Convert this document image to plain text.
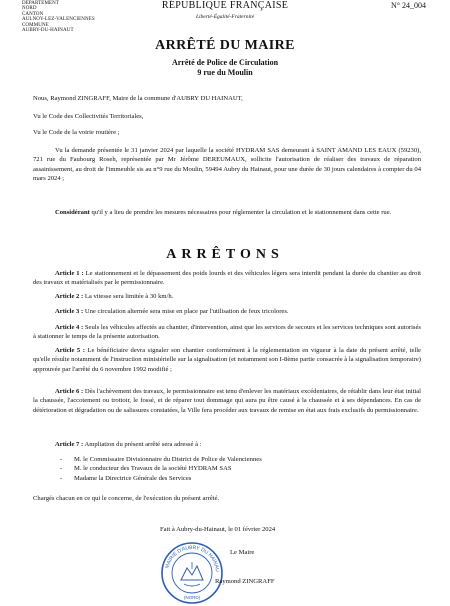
DÉPARTEMENT
NORD
CANTON
AULNOY-LEZ-VALENCIENNES
COMMUNE
AUBRY-DU-HAINAUT
RÉPUBLIQUE FRANÇAISE
Liberté-Égalité-Fraternité
N° 24_004
ARRÊTÉ DU MAIRE
Arrêté de Police de Circulation
9 rue du Moulin
Nous, Raymond ZINGRAFF, Maire de la commune d'AUBRY DU HAINAUT,
Vu le Code des Collectivités Territoriales,
Vu le Code de la voirie routière ;
Vu la demande présentée le 31 janvier 2024 par laquelle la société HYDRAM SAS demeurant à SAINT AMAND LES EAUX (59230), 721 rue du Faubourg Roseh, représentée par Mr Jérôme DEREUMAUX, sollicite l'autorisation de réaliser des travaux de réparation assainissement, au droit de l'immeuble sis au n°9 rue du Moulin, 59494 Aubry du Hainaut, pour une durée de 30 jours calendaires à compter du 04 mars 2024 ;
Considérant qu'il y a lieu de prendre les mesures nécessaires pour réglementer la circulation et le stationnement dans cette rue.
ARRÊTONS
Article 1 : Le stationnement et le dépassement des poids lourds et des véhicules légers sera interdit pendant la durée du chantier au droit des travaux et matérialisés par le permissionnaire.
Article 2 : La vitesse sera limitée à 30 km/h.
Article 3 : Une circulation alternée sera mise en place par l'utilisation de feux tricolores.
Article 4 : Seuls les véhicules affectés au chantier, d'intervention, ainsi que les services de secours et les services techniques sont autorisés à stationner le temps de la présente autorisation.
Article 5 : Le bénéficiaire devra signaler son chantier conformément à la réglementation en vigueur à la date du présent arrêté, telle qu'elle résulte notamment de l'instruction ministérielle sur la signalisation (et notamment son I-8ème partie consacrée à la signalisation temporaire) approuvée par l'arrêté du 6 novembre 1992 modifié ;
Article 6 : Dès l'achèvement des travaux, le permissionnaire est tenu d'enlever les matériaux excédentaires, de rétablir dans leur état initial la chaussée, l'accotement ou trottoir, le fossé, et de réparer tout dommage qui aura pu être causé à la chaussée et à ses dépendances. En cas de détérioration et dégradation ou de salissures constatées, la Ville fera procéder aux travaux de remise en état aux frais exclusifs du permissionnaire.
Article 7 : Ampliation du présent arrêté sera adressé à :
- M. le Commissaire Divisionnaire du District de Police de Valenciennes
- M. le conducteur des Travaux de la société HYDRAM SAS
- Madame la Directrice Générale des Services
Chargés chacun en ce qui le concerne, de l'exécution du présent arrêté.
Fait à Aubry-du-Hainaut, le 01 février 2024
MAIRIE D'AUBRY DU HAINAU
(NORD)
Le Maire
Raymond ZINGRAFF
